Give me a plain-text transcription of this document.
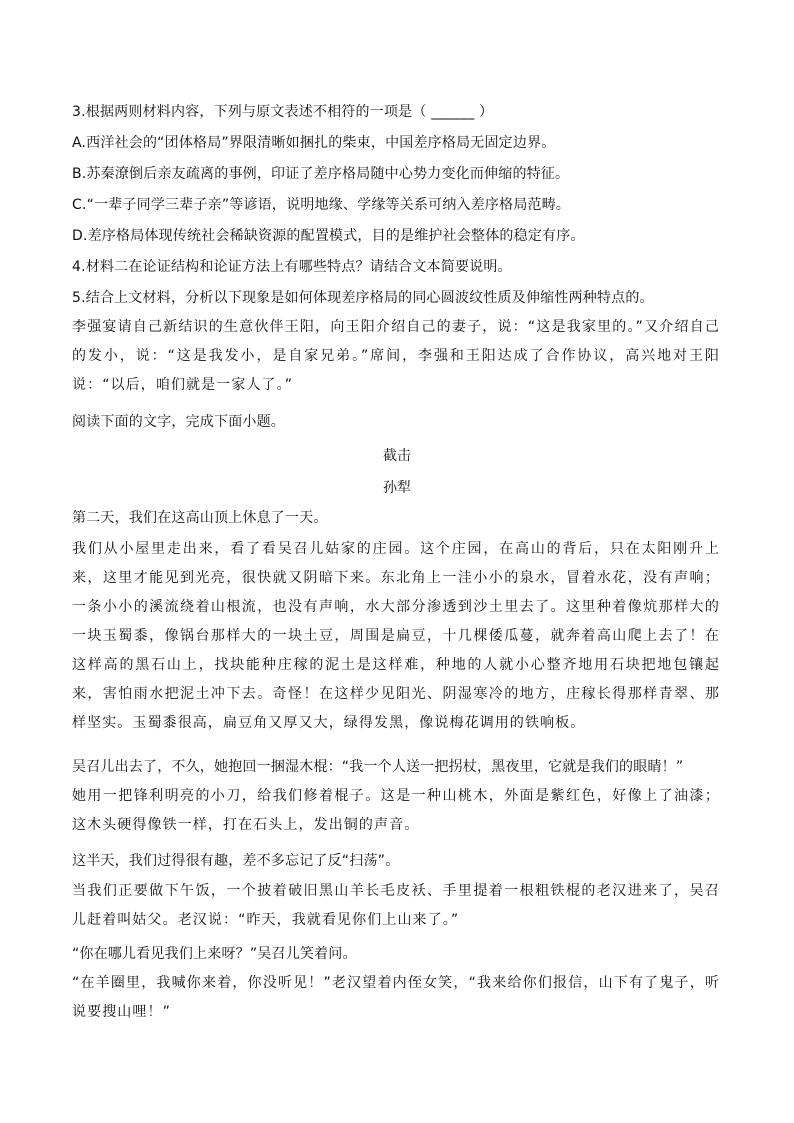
3.根据两则材料内容，下列与原文表述不相符的一项是（ ______ ）
A.西洋社会的“团体格局”界限清晰如捆扎的柴束，中国差序格局无固定边界。
B.苏秦潦倒后亲友疏离的事例，印证了差序格局随中心势力变化而伸缩的特征。
C.“一辈子同学三辈子亲”等谚语，说明地缘、学缘等关系可纳入差序格局范畴。
D.差序格局体现传统社会稀缺资源的配置模式，目的是维护社会整体的稳定有序。
4.材料二在论证结构和论证方法上有哪些特点？请结合文本简要说明。
5.结合上文材料，分析以下现象是如何体现差序格局的同心圆波纹性质及伸缩性两种特点的。
李强宴请自己新结识的生意伙伴王阳，向王阳介绍自己的妻子，说：“这是我家里的。”又介绍自己的发小，说：“这是我发小，是自家兄弟。”席间，李强和王阳达成了合作协议，高兴地对王阳说：“以后，咱们就是一家人了。”
阅读下面的文字，完成下面小题。
截击
孙犁
第二天，我们在这高山顶上休息了一天。
我们从小屋里走出来，看了看吴召儿姑家的庄园。这个庄园，在高山的背后，只在太阳刚升上来，这里才能见到光亮，很快就又阴暗下来。东北角上一洼小小的泉水，冒着水花，没有声响；一条小小的溪流绕着山根流，也没有声响，水大部分渗透到沙土里去了。这里种着像炕那样大的一块玉蜀黍，像锅台那样大的一块土豆，周围是扁豆，十几棵倭瓜蔓，就奔着高山爬上去了！在这样高的黑石山上，找块能种庄稼的泥土是这样难，种地的人就小心整齐地用石块把地包镶起来，害怕雨水把泥土冲下去。奇怪！在这样少见阳光、阴湿寒冷的地方，庄稼长得那样青翠、那样坚实。玉蜀黍很高，扁豆角又厚又大，绿得发黑，像说梅花调用的铁响板。
吴召儿出去了，不久，她抱回一捆湿木棍：“我一个人送一把拐杖，黑夜里，它就是我们的眼睛！”
她用一把锋利明亮的小刀，给我们修着棍子。这是一种山桃木，外面是紫红色，好像上了油漆；这木头硬得像铁一样，打在石头上，发出铜的声音。
这半天，我们过得很有趣，差不多忘记了反“扫荡”。
当我们正要做下午饭，一个披着破旧黑山羊长毛皮袄、手里提着一根粗铁棍的老汉进来了，吴召儿赶着叫姑父。老汉说：“昨天，我就看见你们上山来了。”
“你在哪儿看见我们上来呀？”吴召儿笑着问。
“在羊圈里，我喊你来着，你没听见！”老汉望着内侄女笑，“我来给你们报信，山下有了鬼子，听说要搜山哩！”
